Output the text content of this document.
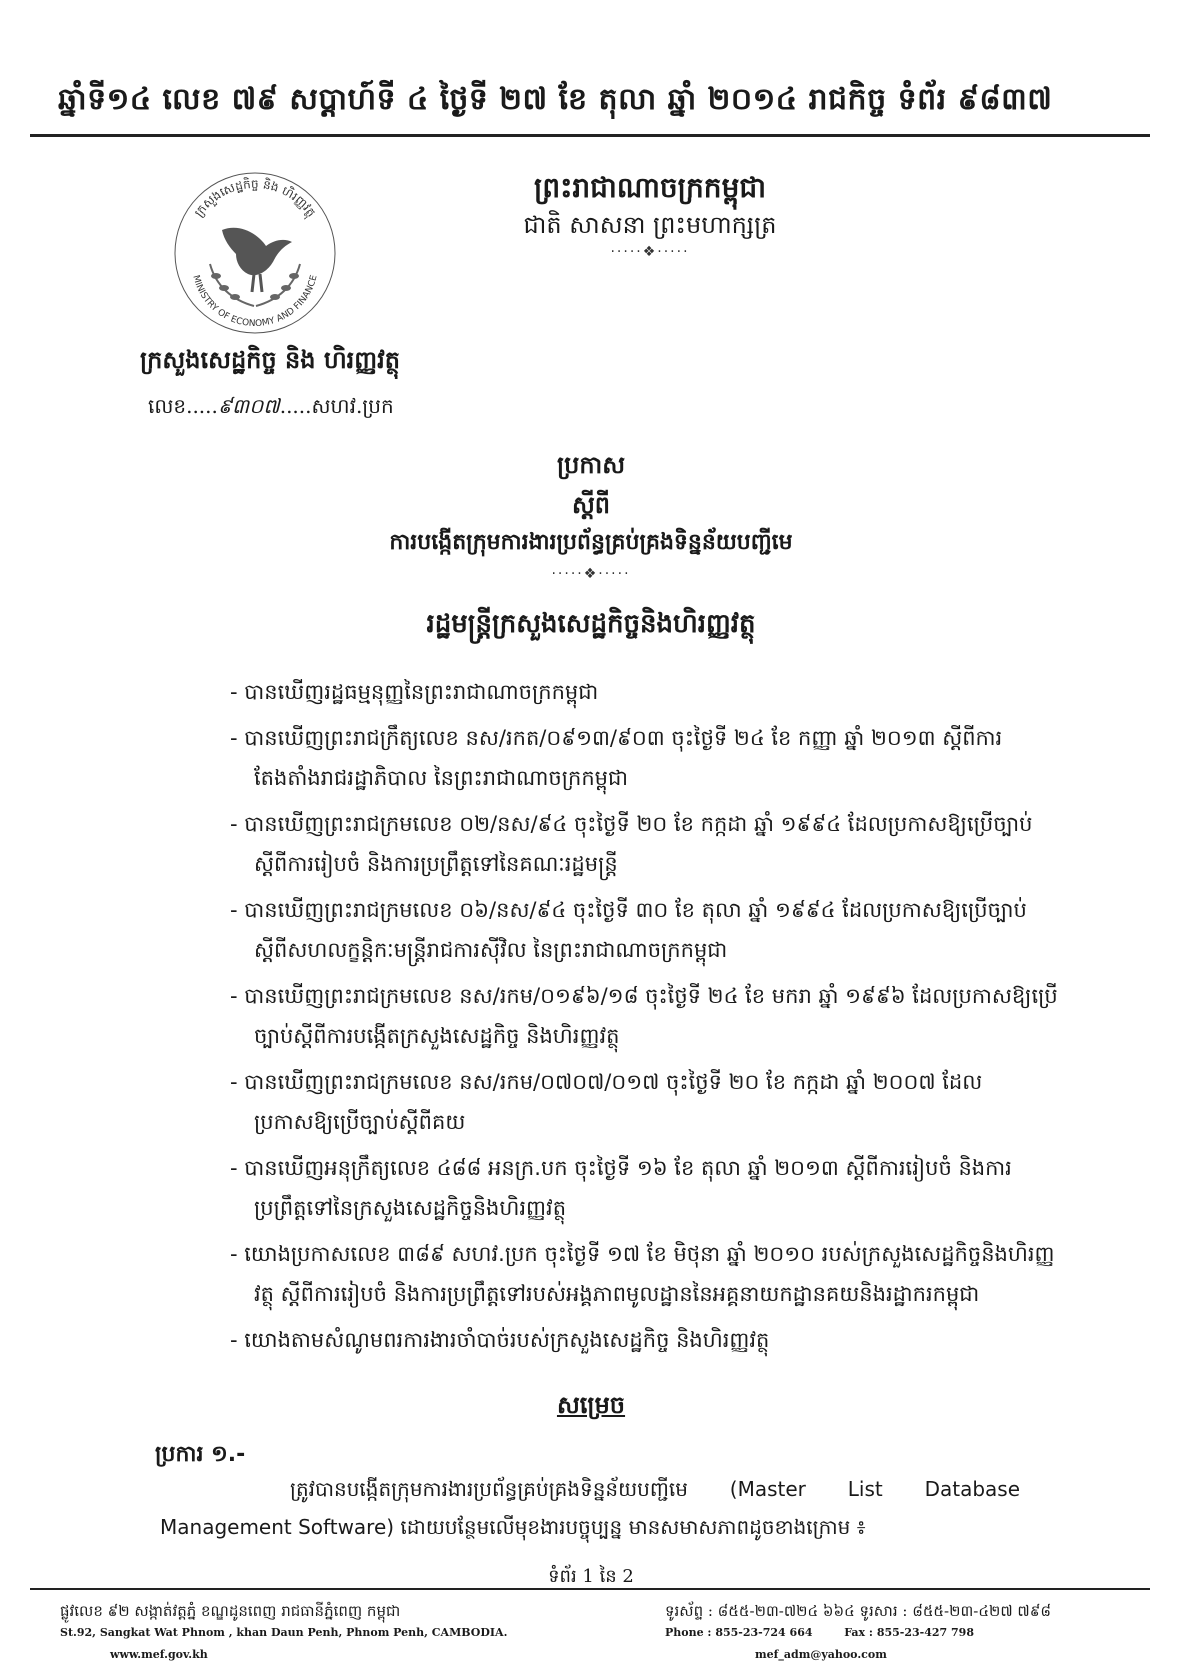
ឆ្នាំទី១៤ លេខ ៧៩ សប្ដាហ៍ទី ៤ ថ្ងៃទី ២៧ ខែ តុលា ឆ្នាំ ២០១៤ រាជកិច្ច ទំព័រ ៩៨៣៧
ក្រសួងសេដ្ឋកិច្ច និង ហិរញ្ញវត្ថុ
MINISTRY OF ECONOMY AND FINANCE
ក្រសួងសេដ្ឋកិច្ច និង ហិរញ្ញវត្ថុ
លេខ.....៩៣០៧.....សហវ.ប្រក
ព្រះរាជាណាចក្រកម្ពុជា
ជាតិ សាសនា ព្រះមហាក្សត្រ
·····❖·····
ប្រកាស
ស្ដីពី
ការបង្កើតក្រុមការងារប្រព័ន្ធគ្រប់គ្រងទិន្នន័យបញ្ជីមេ
·····❖·····
រដ្ឋមន្ត្រីក្រសួងសេដ្ឋកិច្ចនិងហិរញ្ញវត្ថុ
- បានឃើញរដ្ឋធម្មនុញ្ញនៃព្រះរាជាណាចក្រកម្ពុជា
- បានឃើញព្រះរាជក្រឹត្យលេខ នស/រកត/០៩១៣/៩០៣ ចុះថ្ងៃទី ២៤ ខែ កញ្ញា ឆ្នាំ ២០១៣ ស្ដីពីការតែងតាំងរាជរដ្ឋាភិបាល នៃព្រះរាជាណាចក្រកម្ពុជា
- បានឃើញព្រះរាជក្រមលេខ ០២/នស/៩៤ ចុះថ្ងៃទី ២០ ខែ កក្កដា ឆ្នាំ ១៩៩៤ ដែលប្រកាសឱ្យប្រើច្បាប់ស្ដីពីការរៀបចំ និងការប្រព្រឹត្តទៅនៃគណៈរដ្ឋមន្ត្រី
- បានឃើញព្រះរាជក្រមលេខ ០៦/នស/៩៤ ចុះថ្ងៃទី ៣០ ខែ តុលា ឆ្នាំ ១៩៩៤ ដែលប្រកាសឱ្យប្រើច្បាប់ស្ដីពីសហលក្ខន្តិកៈមន្ត្រីរាជការស៊ីវិល នៃព្រះរាជាណាចក្រកម្ពុជា
- បានឃើញព្រះរាជក្រមលេខ នស/រកម/០១៩៦/១៨ ចុះថ្ងៃទី ២៤ ខែ មករា ឆ្នាំ ១៩៩៦ ដែលប្រកាសឱ្យប្រើច្បាប់ស្ដីពីការបង្កើតក្រសួងសេដ្ឋកិច្ច និងហិរញ្ញវត្ថុ
- បានឃើញព្រះរាជក្រមលេខ នស/រកម/០៧០៧/០១៧ ចុះថ្ងៃទី ២០ ខែ កក្កដា ឆ្នាំ ២០០៧ ដែលប្រកាសឱ្យប្រើច្បាប់ស្ដីពីគយ
- បានឃើញអនុក្រឹត្យលេខ ៤៨៨ អនក្រ.បក ចុះថ្ងៃទី ១៦ ខែ តុលា ឆ្នាំ ២០១៣ ស្ដីពីការរៀបចំ និងការប្រព្រឹត្តទៅនៃក្រសួងសេដ្ឋកិច្ចនិងហិរញ្ញវត្ថុ
- យោងប្រកាសលេខ ៣៨៩ សហវ.ប្រក ចុះថ្ងៃទី ១៧ ខែ មិថុនា ឆ្នាំ ២០១០ របស់ក្រសួងសេដ្ឋកិច្ចនិងហិរញ្ញវត្ថុ ស្ដីពីការរៀបចំ និងការប្រព្រឹត្តទៅរបស់អង្គភាពមូលដ្ឋាននៃអគ្គនាយកដ្ឋានគយនិងរដ្ឋាករកម្ពុជា
- យោងតាមសំណូមពរការងារចាំបាច់របស់ក្រសួងសេដ្ឋកិច្ច និងហិរញ្ញវត្ថុ
សម្រេច
ប្រការ ១.-
ត្រូវបានបង្កើតក្រុមការងារប្រព័ន្ធគ្រប់គ្រងទិន្នន័យបញ្ជីមេ (Master List Database Management Software) ដោយបន្ថែមលើមុខងារបច្ចុប្បន្ន មានសមាសភាពដូចខាងក្រោម ៖
ទំព័រ 1 នៃ 2
ផ្លូវលេខ ៩២ សង្កាត់វត្តភ្នំ ខណ្ឌដូនពេញ រាជធានីភ្នំពេញ កម្ពុជា
St.92, Sangkat Wat Phnom , khan Daun Penh, Phnom Penh, CAMBODIA.
www.mef.gov.kh
ទូរស័ព្ទ : ៨៥៥-២៣-៧២៤ ៦៦៤ ទូរសារ : ៨៥៥-២៣-៤២៧ ៧៩៨
Phone : 855-23-724 664	Fax : 855-23-427 798
mef_adm@yahoo.com
